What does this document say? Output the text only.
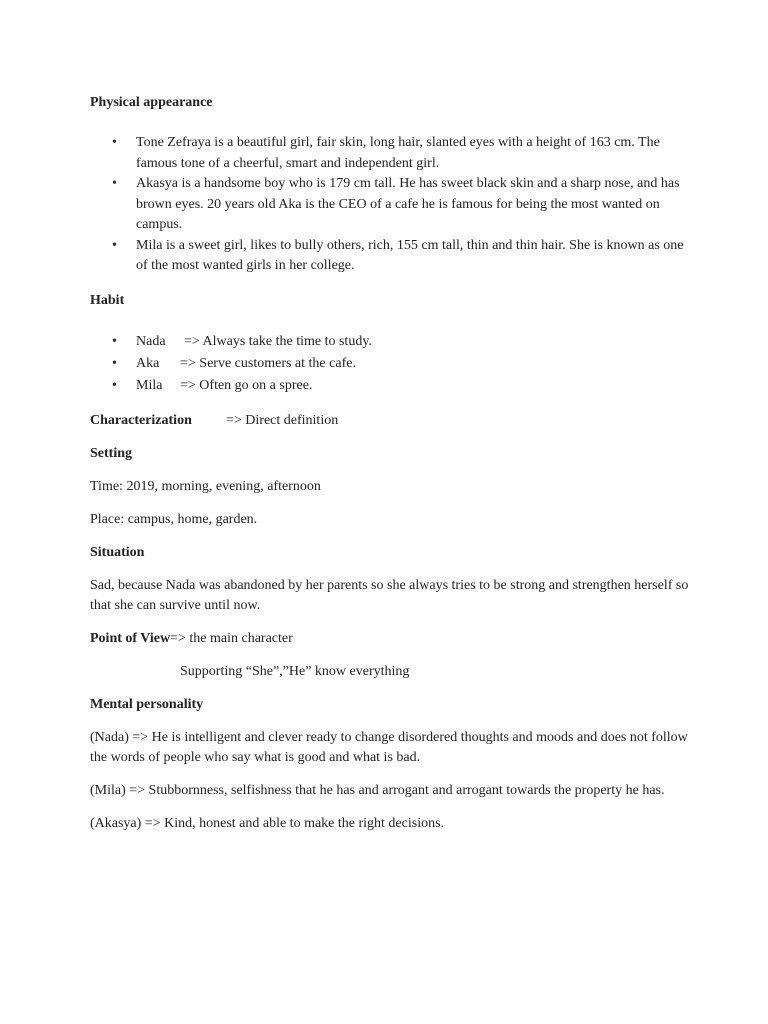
Physical appearance
• Tone Zefraya is a beautiful girl, fair skin, long hair, slanted eyes with a height of 163 cm. The famous tone of a cheerful, smart and independent girl.
• Akasya is a handsome boy who is 179 cm tall. He has sweet black skin and a sharp nose, and has brown eyes. 20 years old Aka is the CEO of a cafe he is famous for being the most wanted on campus.
• Mila is a sweet girl, likes to bully others, rich, 155 cm tall, thin and thin hair. She is known as one of the most wanted girls in her college.
Habit
• Nada => Always take the time to study.
• Aka => Serve customers at the cafe.
• Mila => Often go on a spree.
Characterization => Direct definition
Setting
Time: 2019, morning, evening, afternoon
Place: campus, home, garden.
Situation
Sad, because Nada was abandoned by her parents so she always tries to be strong and strengthen herself so that she can survive until now.
Point of View=> the main character
Supporting “She”,”He” know everything
Mental personality
(Nada) => He is intelligent and clever ready to change disordered thoughts and moods and does not follow the words of people who say what is good and what is bad.
(Mila) => Stubbornness, selfishness that he has and arrogant and arrogant towards the property he has.
(Akasya) => Kind, honest and able to make the right decisions.
